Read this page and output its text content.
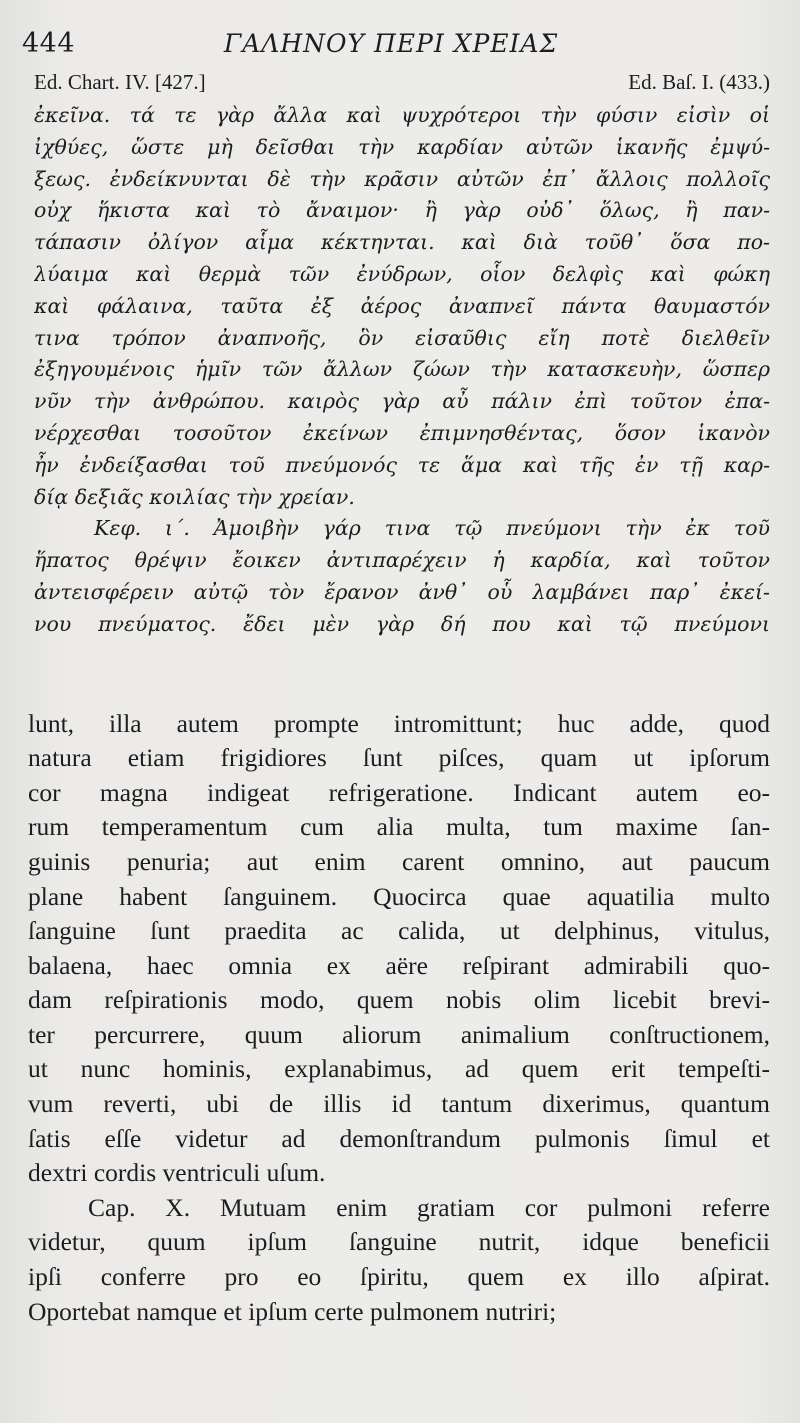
444	ΓΑΛΗΝΟΥ ΠΕΡΙ ΧΡΕΙΑΣ
Ed. Chart. IV. [427.]	Ed. Baſ. I. (433.)
ἐκεῖνα. τά τε γὰρ ἄλλα καὶ ψυχρότεροι τὴν φύσιν εἰσὶν οἱ
ἰχθύες, ὥστε μὴ δεῖσθαι τὴν καρδίαν αὐτῶν ἱκανῆς ἐμψύ-
ξεως. ἐνδείκνυνται δὲ τὴν κρᾶσιν αὐτῶν ἐπ᾽ ἄλλοις πολλοῖς
οὐχ ἥκιστα καὶ τὸ ἄναιμον· ἢ γὰρ οὐδ᾽ ὅλως, ἢ παν-
τάπασιν ὀλίγον αἷμα κέκτηνται. καὶ διὰ τοῦθ᾽ ὅσα πο-
λύαιμα καὶ θερμὰ τῶν ἐνύδρων, οἷον δελφὶς καὶ φώκη
καὶ φάλαινα, ταῦτα ἐξ ἀέρος ἀναπνεῖ πάντα θαυμαστόν
τινα τρόπον ἀναπνοῆς, ὃν εἰσαῦθις εἴη ποτὲ διελθεῖν
ἐξηγουμένοις ἡμῖν τῶν ἄλλων ζώων τὴν κατασκευὴν, ὥσπερ
νῦν τὴν ἀνθρώπου. καιρὸς γὰρ αὖ πάλιν ἐπὶ τοῦτον ἐπα-
νέρχεσθαι τοσοῦτον ἐκείνων ἐπιμνησθέντας, ὅσον ἱκανὸν
ἦν ἐνδείξασθαι τοῦ πνεύμονός τε ἅμα καὶ τῆς ἐν τῇ καρ-
δίᾳ δεξιᾶς κοιλίας τὴν χρείαν.
Κεφ. ι΄. Ἀμοιβὴν γάρ τινα τῷ πνεύμονι τὴν ἐκ τοῦ
ἥπατος θρέψιν ἔοικεν ἀντιπαρέχειν ἡ καρδία, καὶ τοῦτον
ἀντεισφέρειν αὐτῷ τὸν ἔρανον ἀνθ᾽ οὗ λαμβάνει παρ᾽ ἐκεί-
νου πνεύματος. ἔδει μὲν γὰρ δή που καὶ τῷ πνεύμονι
lunt, illa autem prompte intromittunt; huc adde, quod
natura etiam frigidiores ſunt piſces, quam ut ipſorum
cor magna indigeat refrigeratione. Indicant autem eo-
rum temperamentum cum alia multa, tum maxime ſan-
guinis penuria; aut enim carent omnino, aut paucum
plane habent ſanguinem. Quocirca quae aquatilia multo
ſanguine ſunt praedita ac calida, ut delphinus, vitulus,
balaena, haec omnia ex aëre reſpirant admirabili quo-
dam reſpirationis modo, quem nobis olim licebit brevi-
ter percurrere, quum aliorum animalium conſtructionem,
ut nunc hominis, explanabimus, ad quem erit tempeſti-
vum reverti, ubi de illis id tantum dixerimus, quantum
ſatis eſſe videtur ad demonſtrandum pulmonis ſimul et
dextri cordis ventriculi uſum.
Cap. X. Mutuam enim gratiam cor pulmoni referre
videtur, quum ipſum ſanguine nutrit, idque beneficii
ipſi conferre pro eo ſpiritu, quem ex illo aſpirat.
Oportebat namque et ipſum certe pulmonem nutriri;
